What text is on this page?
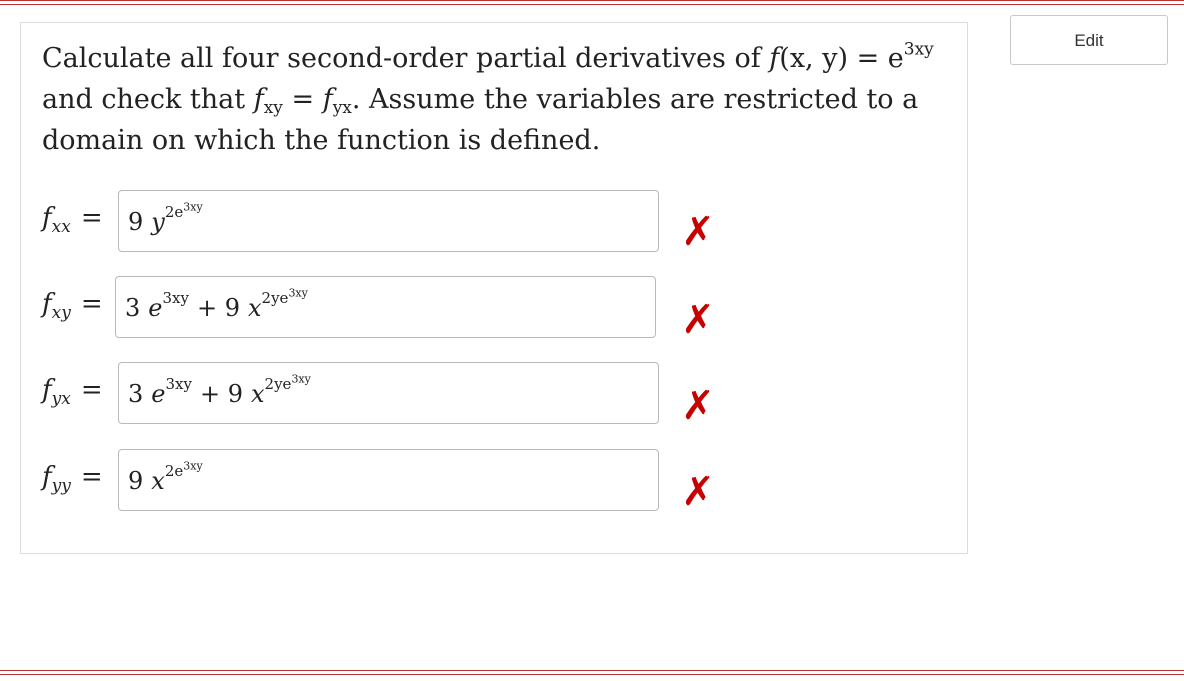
Calculate all four second-order partial derivatives of f(x, $y) = e^{3xy}$ and check that $f_{xy} = f_{yx}$. Assume the variables are restricted to a domain on which the function is defined.
Edit
$f_{xx}$ =	9 $y^{2e^{3xy}}$
✗
$f_{xy} = 3$ $e^{3xy} + 9$ $x^{2ye^{3xy}}$
✗
$f_{yx}$ =	3 $e^{3xy} + 9$ $x^{2ye^{3xy}}$
✗
$f_{yy}$ =	9 $x^{2e^{3xy}}$
✗
